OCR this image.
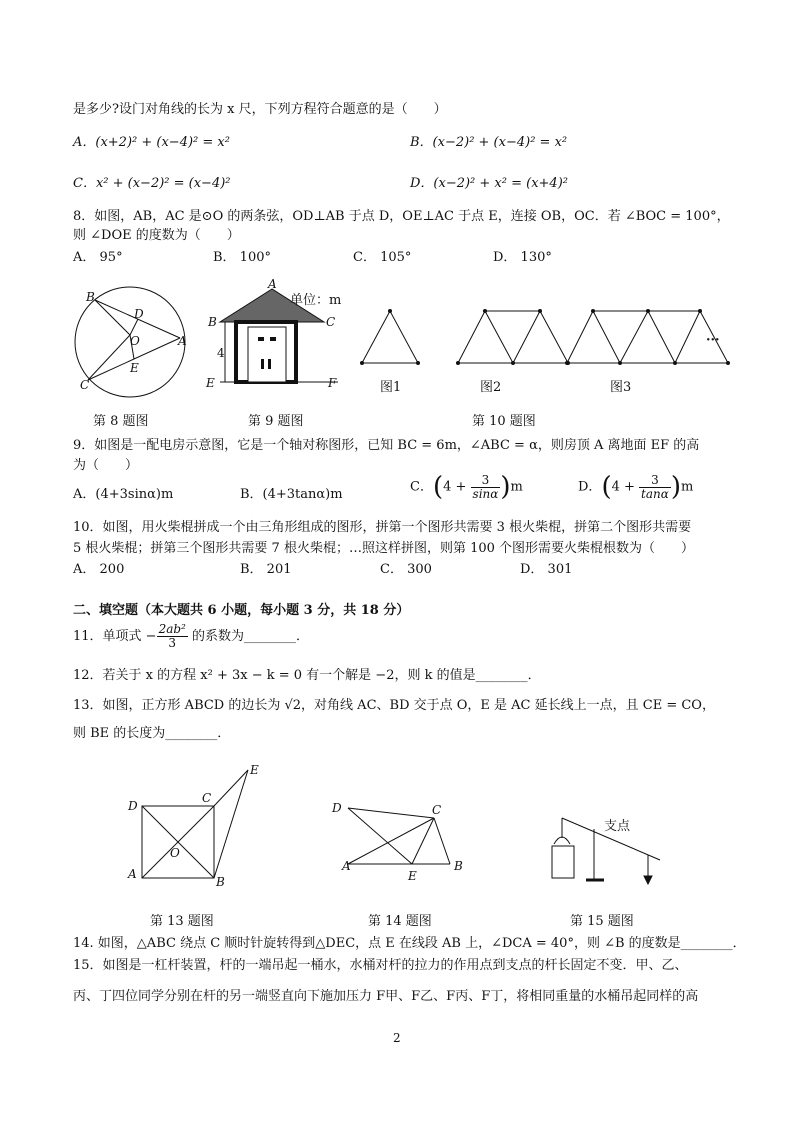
是多少?设门对角线的长为 x 尺，下列方程符合题意的是（　　）
A．(x+2)² + (x−4)² = x²	B．(x−2)² + (x−4)² = x²
C．x² + (x−2)² = (x−4)²	D．(x−2)² + x² = (x+4)²
8．如图，AB，AC 是⊙O 的两条弦，OD⊥AB 于点 D，OE⊥AC 于点 E，连接 OB，OC．若 ∠BOC = 100°，
则 ∠DOE 的度数为（　　）
A． 95°	B． 100°	C． 105°	D． 130°
B
D
O	A
E
C
A
B	C
E	F
4
单位：m
图1	图2	图3
···
第 8 题图	第 9 题图	第 10 题图
9．如图是一配电房示意图，它是一个轴对称图形，已知 BC = 6m，∠ABC = α，则房顶 A 离地面 EF 的高
为（　　）
A．(4+3sinα)m	B．(4+3tanα)m	C．$(4 + \frac{3}{\sin\alpha} )m$	D．$(4 + \frac{3}{\tan\alpha} )m$
10．如图，用火柴棍拼成一个由三角形组成的图形，拼第一个图形共需要 3 根火柴棍，拼第二个图形共需要
5 根火柴棍；拼第三个图形共需要 7 根火柴棍；…照这样拼图，则第 100 个图形需要火柴棍根数为（　　）
A． 200	B． 201	C． 300	D． 301
二、填空题（本大题共 6 小题，每小题 3 分，共 18 分）
11．单项式 − $\frac{\text{2ab²}}{3}$ 的系数为________．
12．若关于 x 的方程 x² + 3x − k = 0 有一个解是 −2，则 k 的值是________．
13．如图，正方形 ABCD 的边长为 √2，对角线 AC、BD 交于点 O，E 是 AC 延长线上一点，且 CE = CO，
则 BE 的长度为________．
D
C
E
O
A
B
D	C
A
E
B
支点
第 13 题图	第 14 题图	第 15 题图
14. 如图，△ABC 绕点 C 顺时针旋转得到△DEC，点 E 在线段 AB 上，∠DCA = 40°，则 ∠B 的度数是________．
15．如图是一杠杆装置，杆的一端吊起一桶水，水桶对杆的拉力的作用点到支点的杆长固定不变．甲、乙、
丙、丁四位同学分别在杆的另一端竖直向下施加压力 F甲、F乙、F丙、F丁，将相同重量的水桶吊起同样的高
2
